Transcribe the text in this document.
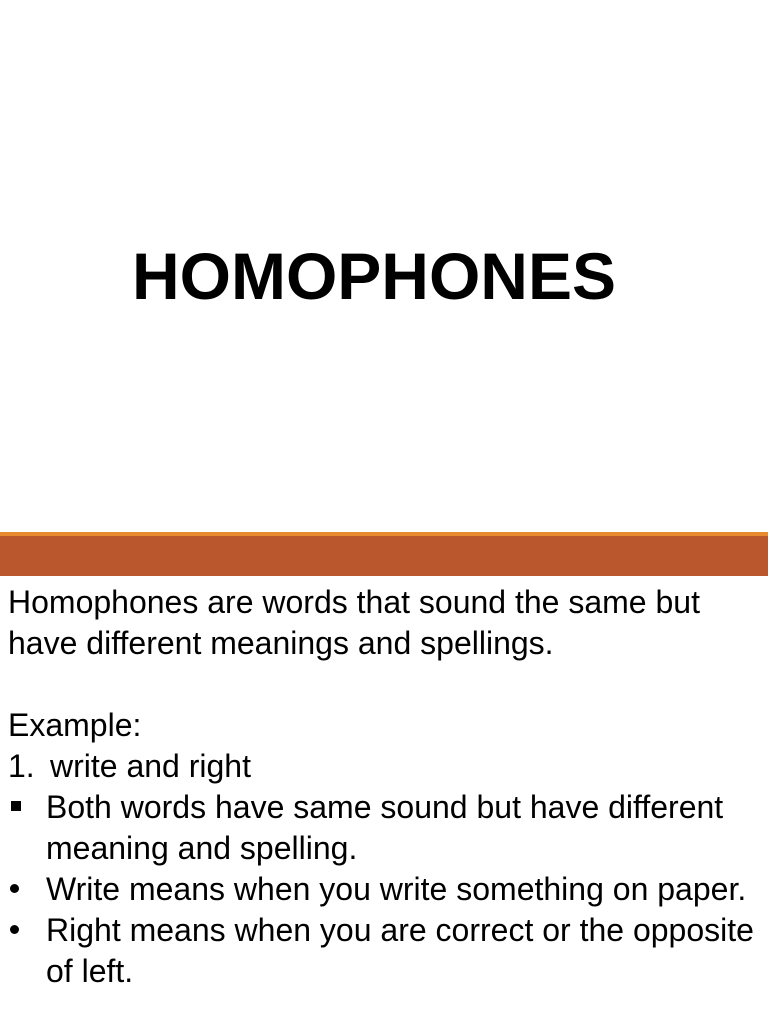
HOMOPHONES

Homophones are words that sound the same but have different meanings and spellings.

Example:

1. write and right
Both words have same sound but have different meaning and spelling.
Write means when you write something on paper.
Right means when you are correct or the opposite of left.
